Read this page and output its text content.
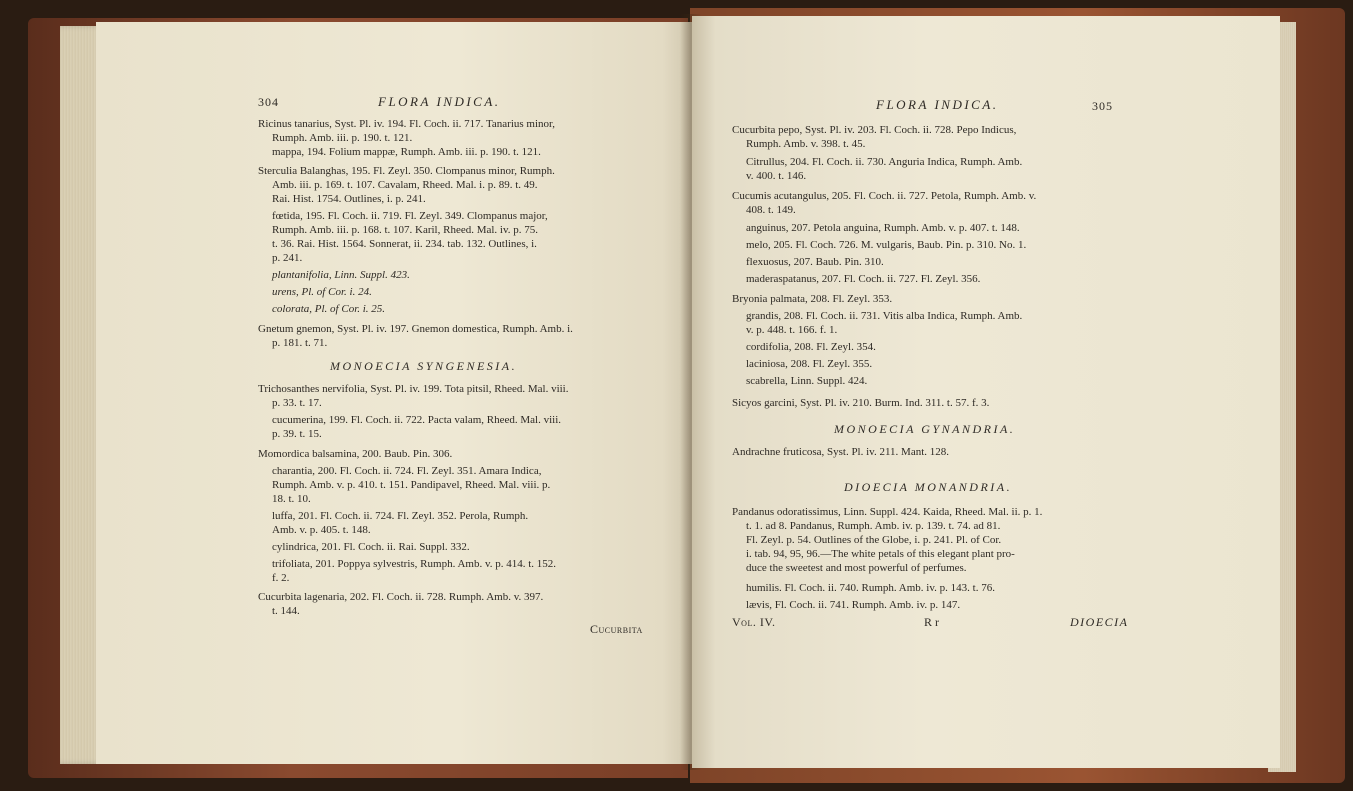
304	FLORA INDICA.
Ricinus tanarius, Syst. Pl. iv. 194. Fl. Coch. ii. 717. Tanarius minor,
Rumph. Amb. iii. p. 190. t. 121.
mappa, 194. Folium mappæ, Rumph. Amb. iii. p. 190. t. 121.
Sterculia Balanghas, 195. Fl. Zeyl. 350. Clompanus minor, Rumph.
Amb. iii. p. 169. t. 107. Cavalam, Rheed. Mal. i. p. 89. t. 49.
Rai. Hist. 1754. Outlines, i. p. 241.
fœtida, 195. Fl. Coch. ii. 719. Fl. Zeyl. 349. Clompanus major,
Rumph. Amb. iii. p. 168. t. 107. Karil, Rheed. Mal. iv. p. 75.
t. 36. Rai. Hist. 1564. Sonnerat, ii. 234. tab. 132. Outlines, i.
p. 241.
plantanifolia, Linn. Suppl. 423.
urens, Pl. of Cor. i. 24.
colorata, Pl. of Cor. i. 25.
Gnetum gnemon, Syst. Pl. iv. 197. Gnemon domestica, Rumph. Amb. i.
p. 181. t. 71.
MONOECIA SYNGENESIA.
Trichosanthes nervifolia, Syst. Pl. iv. 199. Tota pitsil, Rheed. Mal. viii.
p. 33. t. 17.
cucumerina, 199. Fl. Coch. ii. 722. Pacta valam, Rheed. Mal. viii.
p. 39. t. 15.
Momordica balsamina, 200. Baub. Pin. 306.
charantia, 200. Fl. Coch. ii. 724. Fl. Zeyl. 351. Amara Indica,
Rumph. Amb. v. p. 410. t. 151. Pandipavel, Rheed. Mal. viii. p.
18. t. 10.
luffa, 201. Fl. Coch. ii. 724. Fl. Zeyl. 352. Perola, Rumph.
Amb. v. p. 405. t. 148.
cylindrica, 201. Fl. Coch. ii. Rai. Suppl. 332.
trifoliata, 201. Poppya sylvestris, Rumph. Amb. v. p. 414. t. 152.
f. 2.
Cucurbita lagenaria, 202. Fl. Coch. ii. 728. Rumph. Amb. v. 397.
t. 144.
Cucurbita
FLORA INDICA.	305
Cucurbita pepo, Syst. Pl. iv. 203. Fl. Coch. ii. 728. Pepo Indicus,
Rumph. Amb. v. 398. t. 45.
Citrullus, 204. Fl. Coch. ii. 730. Anguria Indica, Rumph. Amb.
v. 400. t. 146.
Cucumis acutangulus, 205. Fl. Coch. ii. 727. Petola, Rumph. Amb. v.
408. t. 149.
anguinus, 207. Petola anguina, Rumph. Amb. v. p. 407. t. 148.
melo, 205. Fl. Coch. 726. M. vulgaris, Baub. Pin. p. 310. No. 1.
flexuosus, 207. Baub. Pin. 310.
maderaspatanus, 207. Fl. Coch. ii. 727. Fl. Zeyl. 356.
Bryonia palmata, 208. Fl. Zeyl. 353.
grandis, 208. Fl. Coch. ii. 731. Vitis alba Indica, Rumph. Amb.
v. p. 448. t. 166. f. 1.
cordifolia, 208. Fl. Zeyl. 354.
laciniosa, 208. Fl. Zeyl. 355.
scabrella, Linn. Suppl. 424.
Sicyos garcini, Syst. Pl. iv. 210. Burm. Ind. 311. t. 57. f. 3.
MONOECIA GYNANDRIA.
Andrachne fruticosa, Syst. Pl. iv. 211. Mant. 128.
DIOECIA MONANDRIA.
Pandanus odoratissimus, Linn. Suppl. 424. Kaida, Rheed. Mal. ii. p. 1.
t. 1. ad 8. Pandanus, Rumph. Amb. iv. p. 139. t. 74. ad 81.
Fl. Zeyl. p. 54. Outlines of the Globe, i. p. 241. Pl. of Cor.
i. tab. 94, 95, 96.—The white petals of this elegant plant pro-
duce the sweetest and most powerful of perfumes.
humilis. Fl. Coch. ii. 740. Rumph. Amb. iv. p. 143. t. 76.
lævis, Fl. Coch. ii. 741. Rumph. Amb. iv. p. 147.
Vol. IV.	R r	DIOECIA
